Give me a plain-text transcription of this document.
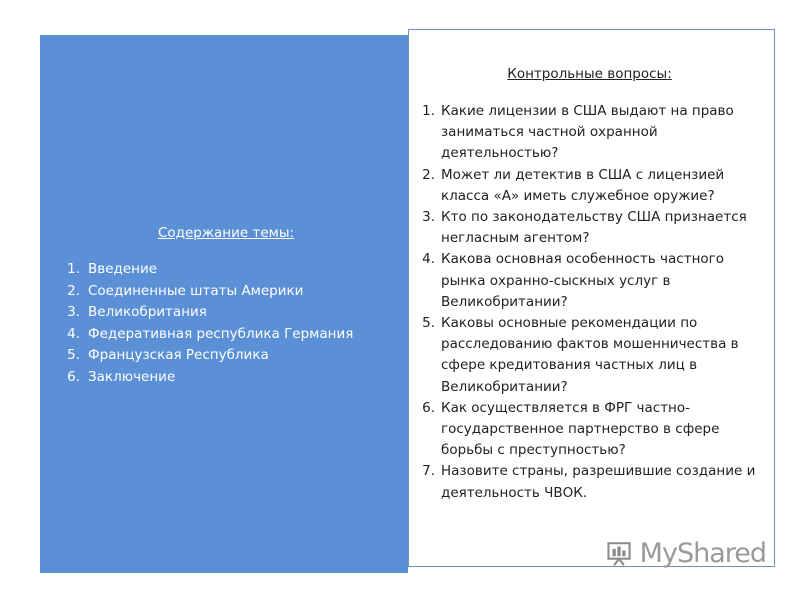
Содержание темы:
1. Введение
2. Соединенные штаты Америки
3. Великобритания
4. Федеративная республика Германия
5. Французская Республика
6. Заключение
Контрольные вопросы:
1. Какие лицензии в США выдают на право заниматься частной охранной деятельностью?
2. Может ли детектив в США с лицензией класса «А» иметь служебное оружие?
3. Кто по законодательству США признается негласным агентом?
4. Какова основная особенность частного рынка охранно-сыскных услуг в Великобритании?
5. Каковы основные рекомендации по расследованию фактов мошенничества в сфере кредитования частных лиц в Великобритании?
6. Как осуществляется в ФРГ частно-государственное партнерство в сфере борьбы с преступностью?
7. Назовите страны, разрешившие создание и деятельность ЧВОК.
MyShared
